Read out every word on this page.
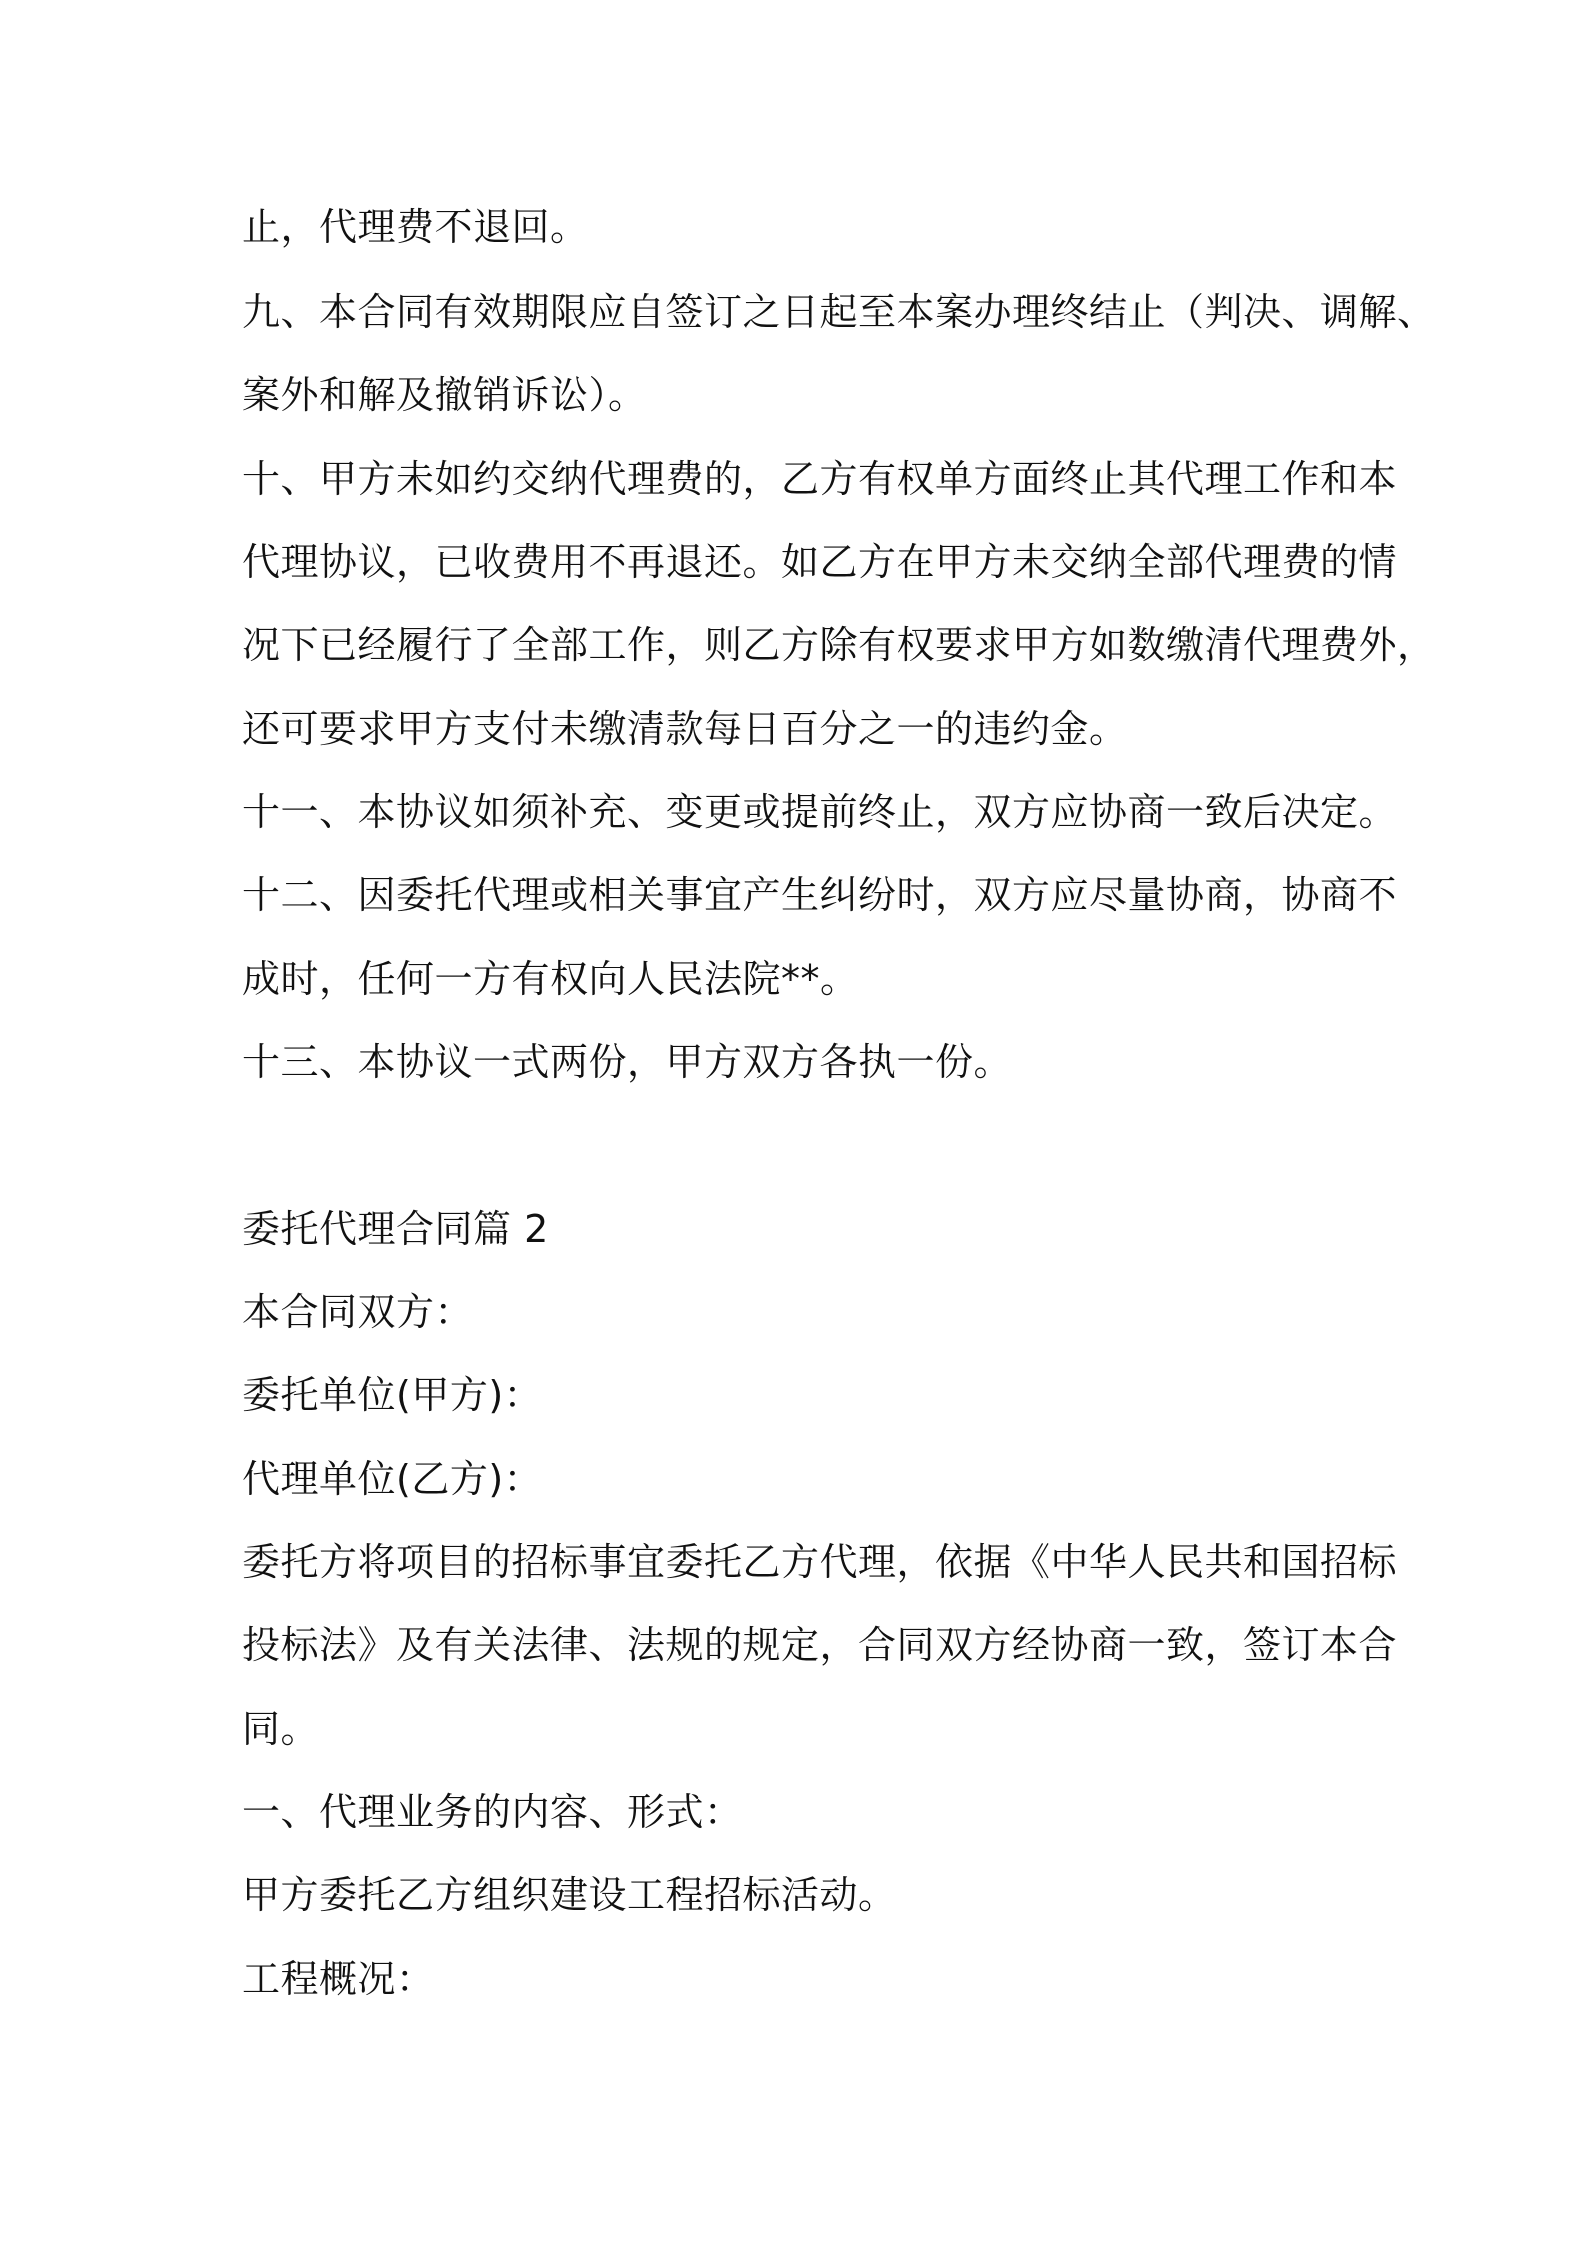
止，代理费不退回。
九、本合同有效期限应自签订之日起至本案办理终结止（判决、调解、
案外和解及撤销诉讼）。
十、甲方未如约交纳代理费的，乙方有权单方面终止其代理工作和本
代理协议，已收费用不再退还。如乙方在甲方未交纳全部代理费的情
况下已经履行了全部工作，则乙方除有权要求甲方如数缴清代理费外，
还可要求甲方支付未缴清款每日百分之一的违约金。
十一、本协议如须补充、变更或提前终止，双方应协商一致后决定。
十二、因委托代理或相关事宜产生纠纷时，双方应尽量协商，协商不
成时，任何一方有权向人民法院**。
十三、本协议一式两份，甲方双方各执一份。
委托代理合同篇 2
本合同双方：
委托单位(甲方)：
代理单位(乙方)：
委托方将项目的招标事宜委托乙方代理，依据《中华人民共和国招标
投标法》及有关法律、法规的规定，合同双方经协商一致，签订本合
同。
一、代理业务的内容、形式：
甲方委托乙方组织建设工程招标活动。
工程概况：
